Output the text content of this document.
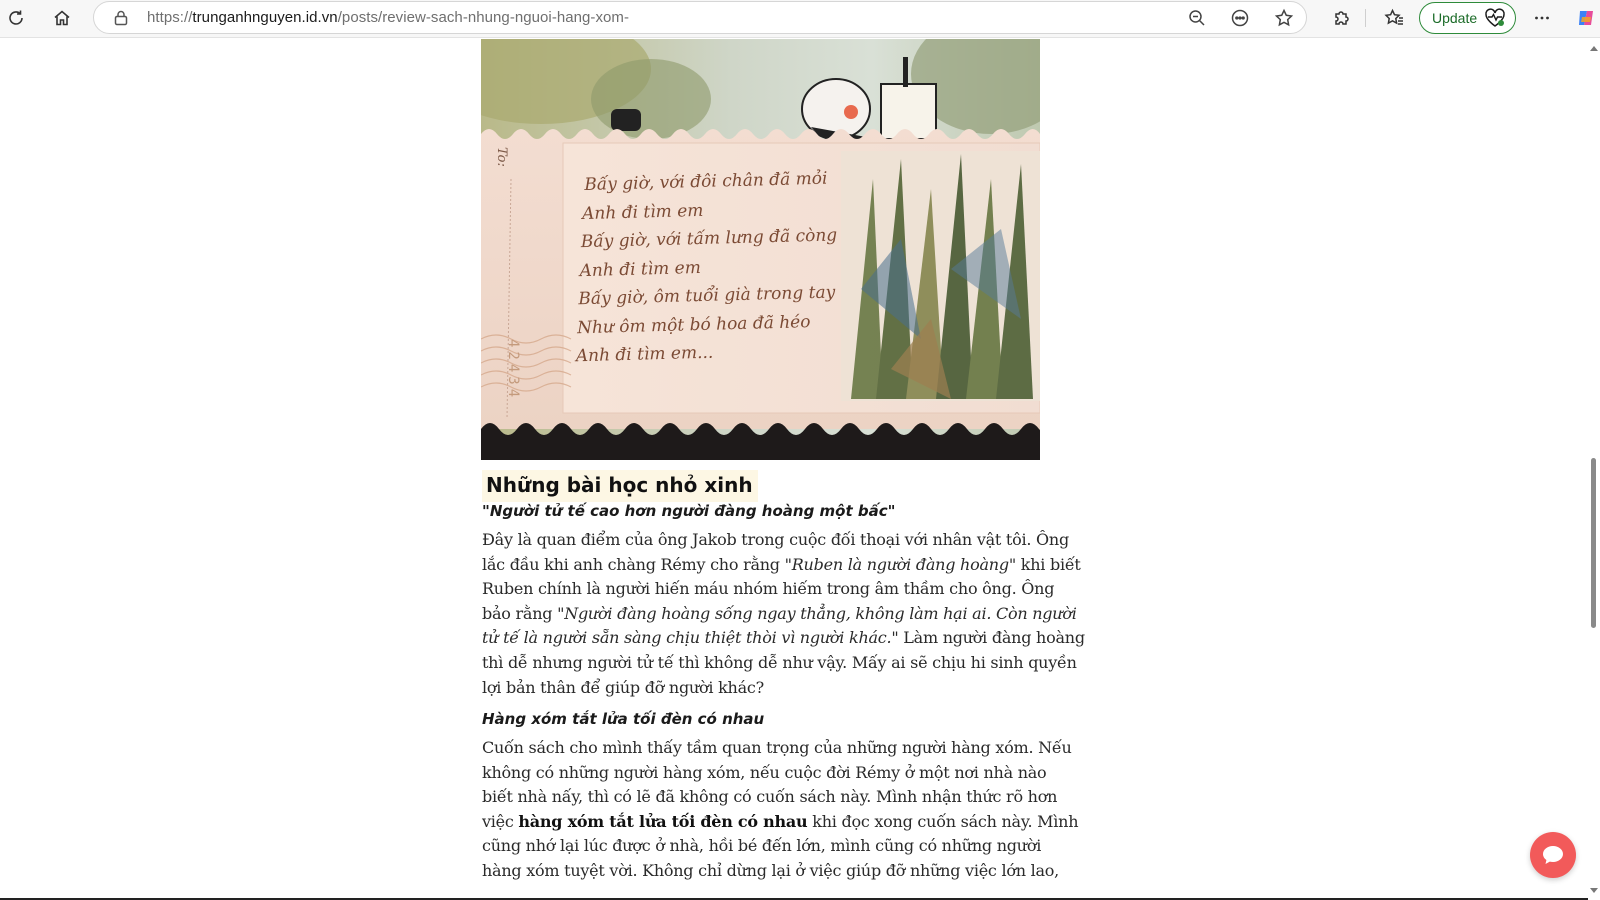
https://trunganhnguyen.id.vn/posts/review-sach-nhung-nguoi-hang-xom-	Update
To:
42434
Bấy giờ, với đôi chân đã mỏi
Anh đi tìm em
Bấy giờ, với tấm lưng đã còng
Anh đi tìm em
Bấy giờ, ôm tuổi già trong tay
Như ôm một bó hoa đã héo
Anh đi tìm em...
Những bài học nhỏ xinh
"Người tử tế cao hơn người đàng hoàng một bấc"
Đây là quan điểm của ông Jakob trong cuộc đối thoại với nhân vật tôi. Ông
lắc đầu khi anh chàng Rémy cho rằng "Ruben là người đàng hoàng" khi biết
Ruben chính là người hiến máu nhóm hiếm trong âm thầm cho ông. Ông
bảo rằng "Người đàng hoàng sống ngay thẳng, không làm hại ai. Còn người
tử tế là người sẵn sàng chịu thiệt thòi vì người khác." Làm người đàng hoàng
thì dễ nhưng người tử tế thì không dễ như vậy. Mấy ai sẽ chịu hi sinh quyền
lợi bản thân để giúp đỡ người khác?
Hàng xóm tắt lửa tối đèn có nhau
Cuốn sách cho mình thấy tầm quan trọng của những người hàng xóm. Nếu
không có những người hàng xóm, nếu cuộc đời Rémy ở một nơi nhà nào
biết nhà nấy, thì có lẽ đã không có cuốn sách này. Mình nhận thức rõ hơn
việc hàng xóm tắt lửa tối đèn có nhau khi đọc xong cuốn sách này. Mình
cũng nhớ lại lúc được ở nhà, hồi bé đến lớn, mình cũng có những người
hàng xóm tuyệt vời. Không chỉ dừng lại ở việc giúp đỡ những việc lớn lao,
